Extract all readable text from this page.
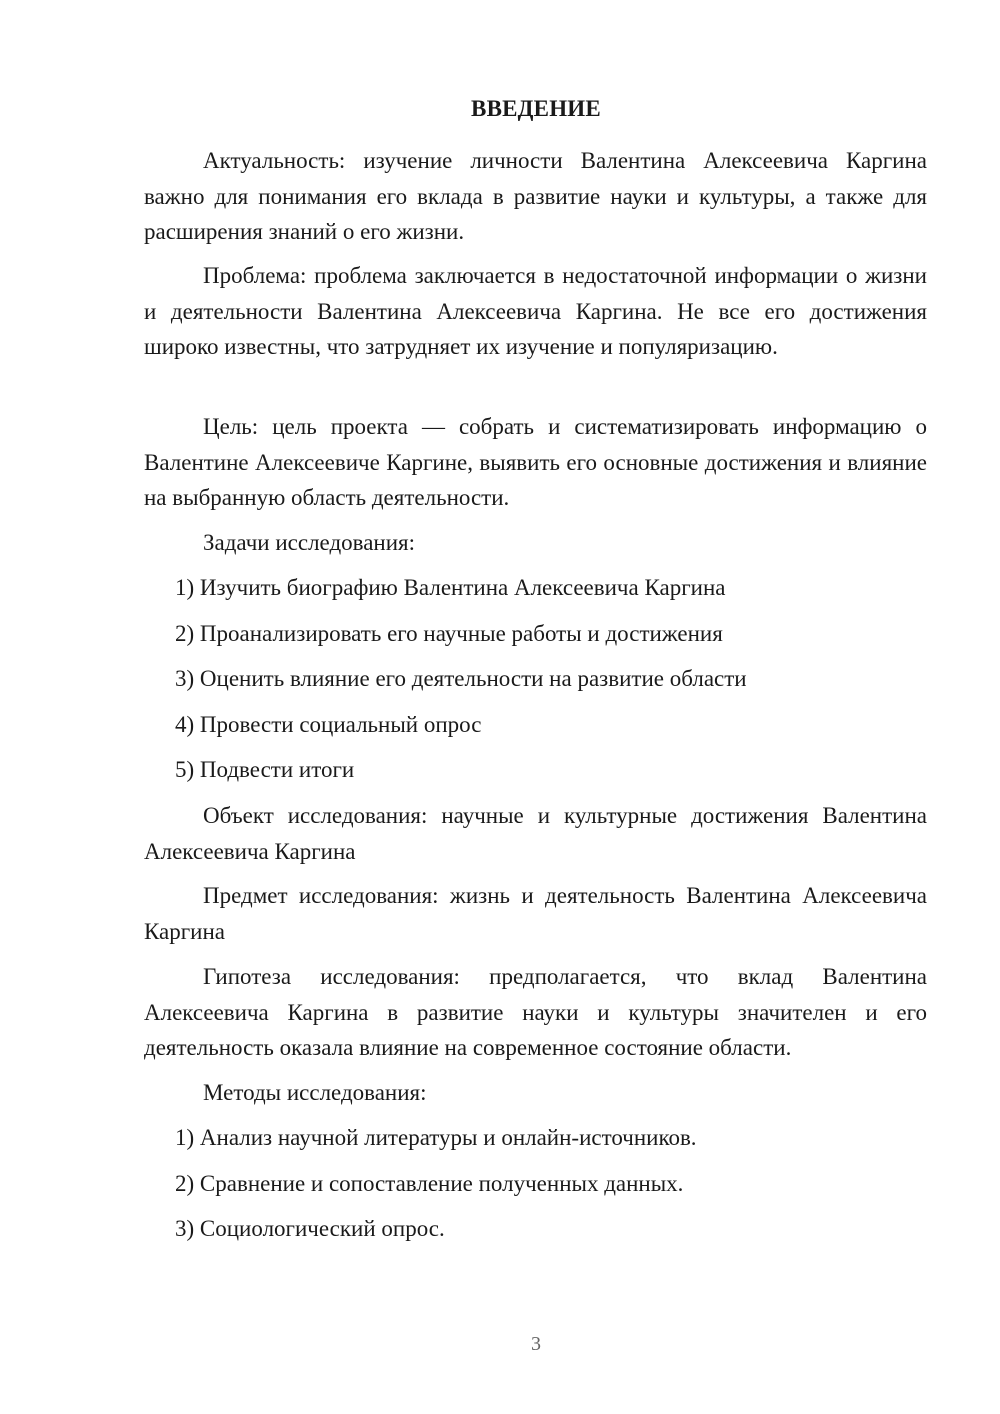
ВВЕДЕНИЕ

Актуальность: изучение личности Валентина Алексеевича Каргина важно для понимания его вклада в развитие науки и культуры, а также для расширения знаний о его жизни.

Проблема: проблема заключается в недостаточной информации о жизни и деятельности Валентина Алексеевича Каргина. Не все его достижения широко известны, что затрудняет их изучение и популяризацию.

Цель: цель проекта — собрать и систематизировать информацию о Валентине Алексеевиче Каргине, выявить его основные достижения и влияние на выбранную область деятельности.

Задачи исследования:

1) Изучить биографию Валентина Алексеевича Каргина

2) Проанализировать его научные работы и достижения

3) Оценить влияние его деятельности на развитие области

4) Провести социальный опрос

5) Подвести итоги

Объект исследования: научные и культурные достижения Валентина Алексеевича Каргина

Предмет исследования: жизнь и деятельность Валентина Алексеевича Каргина

Гипотеза исследования: предполагается, что вклад Валентина Алексеевича Каргина в развитие науки и культуры значителен и его деятельность оказала влияние на современное состояние области.

Методы исследования:

1) Анализ научной литературы и онлайн-источников.

2) Сравнение и сопоставление полученных данных.

3) Социологический опрос.

3
